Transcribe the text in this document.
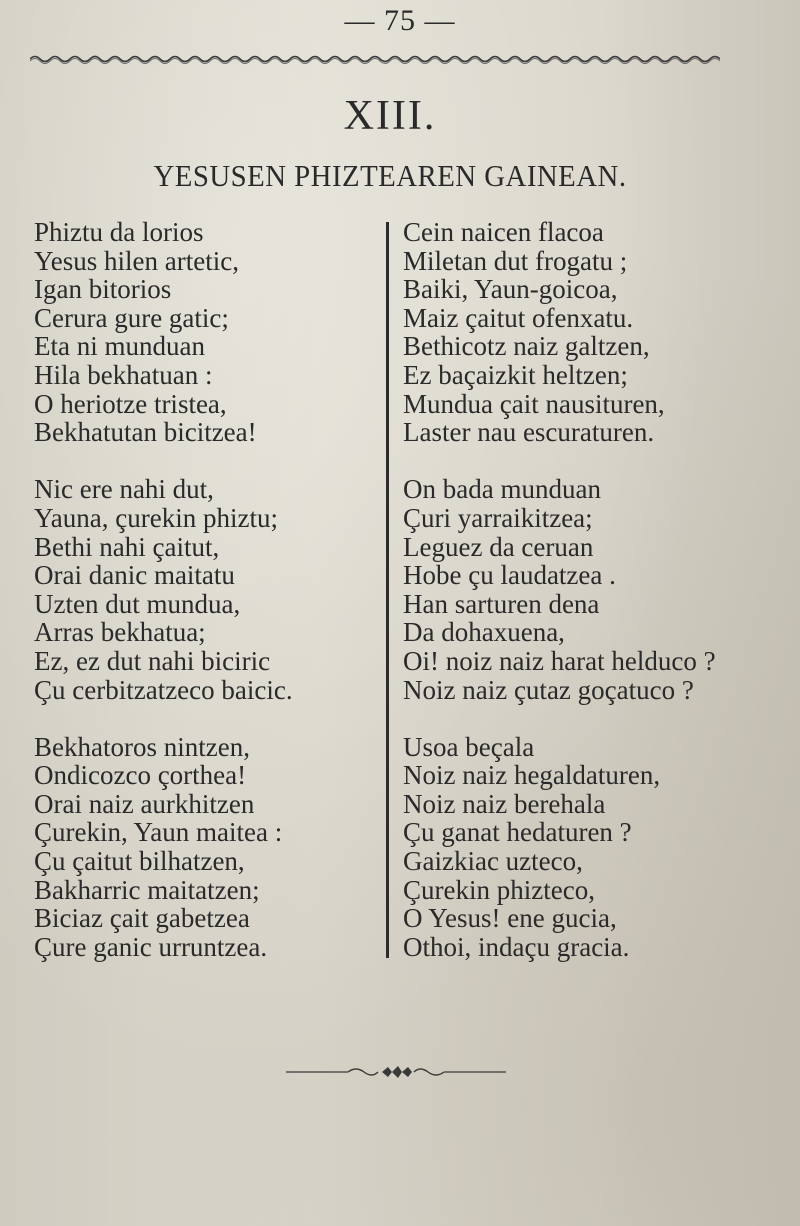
— 75 —
XIII.
YESUSEN PHIZTEAREN GAINEAN.
Phiztu da lorios
Yesus hilen artetic,
Igan bitorios
Cerura gure gatic;
Eta ni munduan
Hila bekhatuan :
O heriotze tristea,
Bekhatutan bicitzea!
Nic ere nahi dut,
Yauna, çurekin phiztu;
Bethi nahi çaitut,
Orai danic maitatu
Uzten dut mundua,
Arras bekhatua;
Ez, ez dut nahi biciric
Çu cerbitzatzeco baicic.
Bekhatoros nintzen,
Ondicozco çorthea!
Orai naiz aurkhitzen
Çurekin, Yaun maitea :
Çu çaitut bilhatzen,
Bakharric maitatzen;
Biciaz çait gabetzea
Çure ganic urruntzea.
Cein naicen flacoa
Miletan dut frogatu ;
Baiki, Yaun-goicoa,
Maiz çaitut ofenxatu.
Bethicotz naiz galtzen,
Ez baçaizkit heltzen;
Mundua çait nausituren,
Laster nau escuraturen.
On bada munduan
Çuri yarraikitzea;
Leguez da ceruan
Hobe çu laudatzea .
Han sarturen dena
Da dohaxuena,
Oi! noiz naiz harat helduco ?
Noiz naiz çutaz goçatuco ?
Usoa beçala
Noiz naiz hegaldaturen,
Noiz naiz berehala
Çu ganat hedaturen ?
Gaizkiac uzteco,
Çurekin phizteco,
O Yesus! ene gucia,
Othoi, indaçu gracia.
